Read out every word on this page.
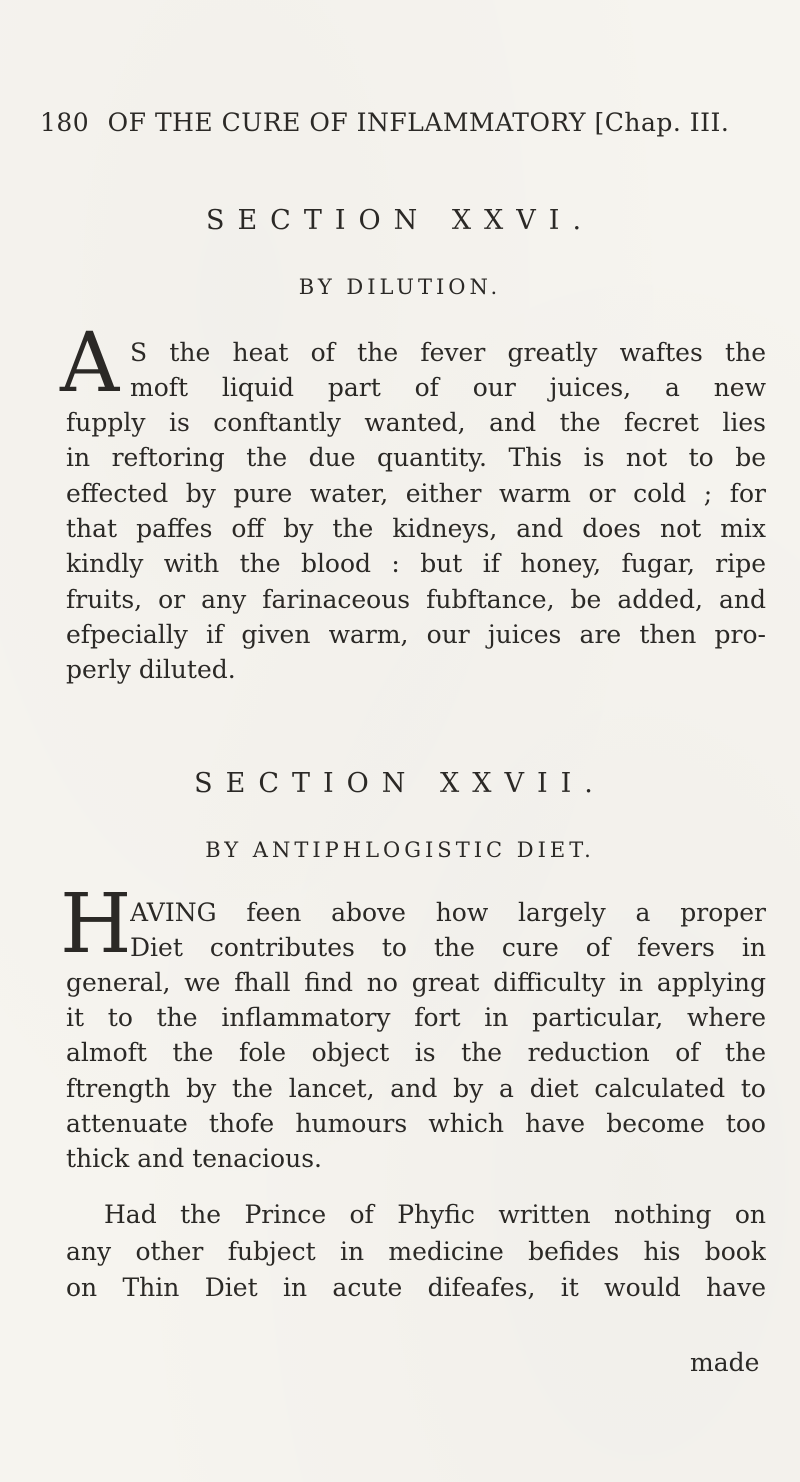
180 OF THE CURE OF INFLAMMATORY [Chap. III.
SECTION XXVI.
BY DILUTION.
A S the heat of the fever greatly waftes the
moft liquid part of our juices, a new
fupply is conftantly wanted, and the fecret lies
in reftoring the due quantity. This is not to be
effected by pure water, either warm or cold ; for
that paffes off by the kidneys, and does not mix
kindly with the blood : but if honey, fugar, ripe
fruits, or any farinaceous fubftance, be added, and
efpecially if given warm, our juices are then pro-
perly diluted.
SECTION XXVII.
BY ANTIPHLOGISTIC DIET.
H
AVING feen above how largely a proper
Diet contributes to the cure of fevers in
general, we fhall find no great difficulty in applying
it to the inflammatory fort in particular, where
almoft the fole object is the reduction of the
ftrength by the lancet, and by a diet calculated to
attenuate thofe humours which have become too
thick and tenacious.
Had the Prince of Phyfic written nothing on
any other fubject in medicine befides his book
on Thin Diet in acute difeafes, it would have
made
